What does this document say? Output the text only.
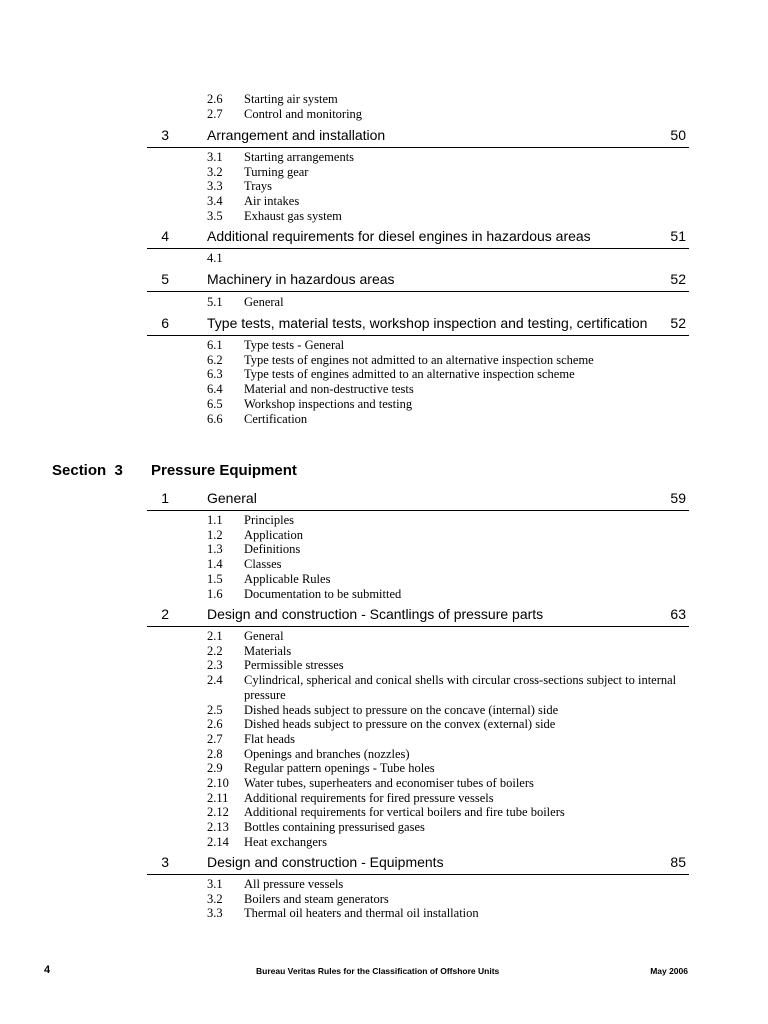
2.6	Starting air system
2.7	Control and monitoring
3	Arrangement and installation	50
3.1	Starting arrangements
3.2	Turning gear
3.3	Trays
3.4	Air intakes
3.5	Exhaust gas system
4	Additional requirements for diesel engines in hazardous areas	51
4.1
5	Machinery in hazardous areas	52
5.1	General
6	Type tests, material tests, workshop inspection and testing, certification 52
6.1	Type tests - General
6.2	Type tests of engines not admitted to an alternative inspection scheme
6.3	Type tests of engines admitted to an alternative inspection scheme
6.4	Material and non-destructive tests
6.5	Workshop inspections and testing
6.6	Certification
Section  3 Pressure Equipment
1	General	59
1.1	Principles
1.2	Application
1.3	Definitions
1.4	Classes
1.5	Applicable Rules
1.6	Documentation to be submitted
2	Design and construction - Scantlings of pressure parts	63
2.1	General
2.2	Materials
2.3	Permissible stresses
2.4	Cylindrical, spherical and conical shells with circular cross-sections subject to internal pressure
2.5	Dished heads subject to pressure on the concave (internal) side
2.6	Dished heads subject to pressure on the convex (external) side
2.7	Flat heads
2.8	Openings and branches (nozzles)
2.9	Regular pattern openings - Tube holes
2.10	Water tubes, superheaters and economiser tubes of boilers
2.11	Additional requirements for fired pressure vessels
2.12	Additional requirements for vertical boilers and fire tube boilers
2.13	Bottles containing pressurised gases
2.14	Heat exchangers
3	Design and construction - Equipments	85
3.1	All pressure vessels
3.2	Boilers and steam generators
3.3	Thermal oil heaters and thermal oil installation
4	Bureau Veritas Rules for the Classification of Offshore Units	May 2006
